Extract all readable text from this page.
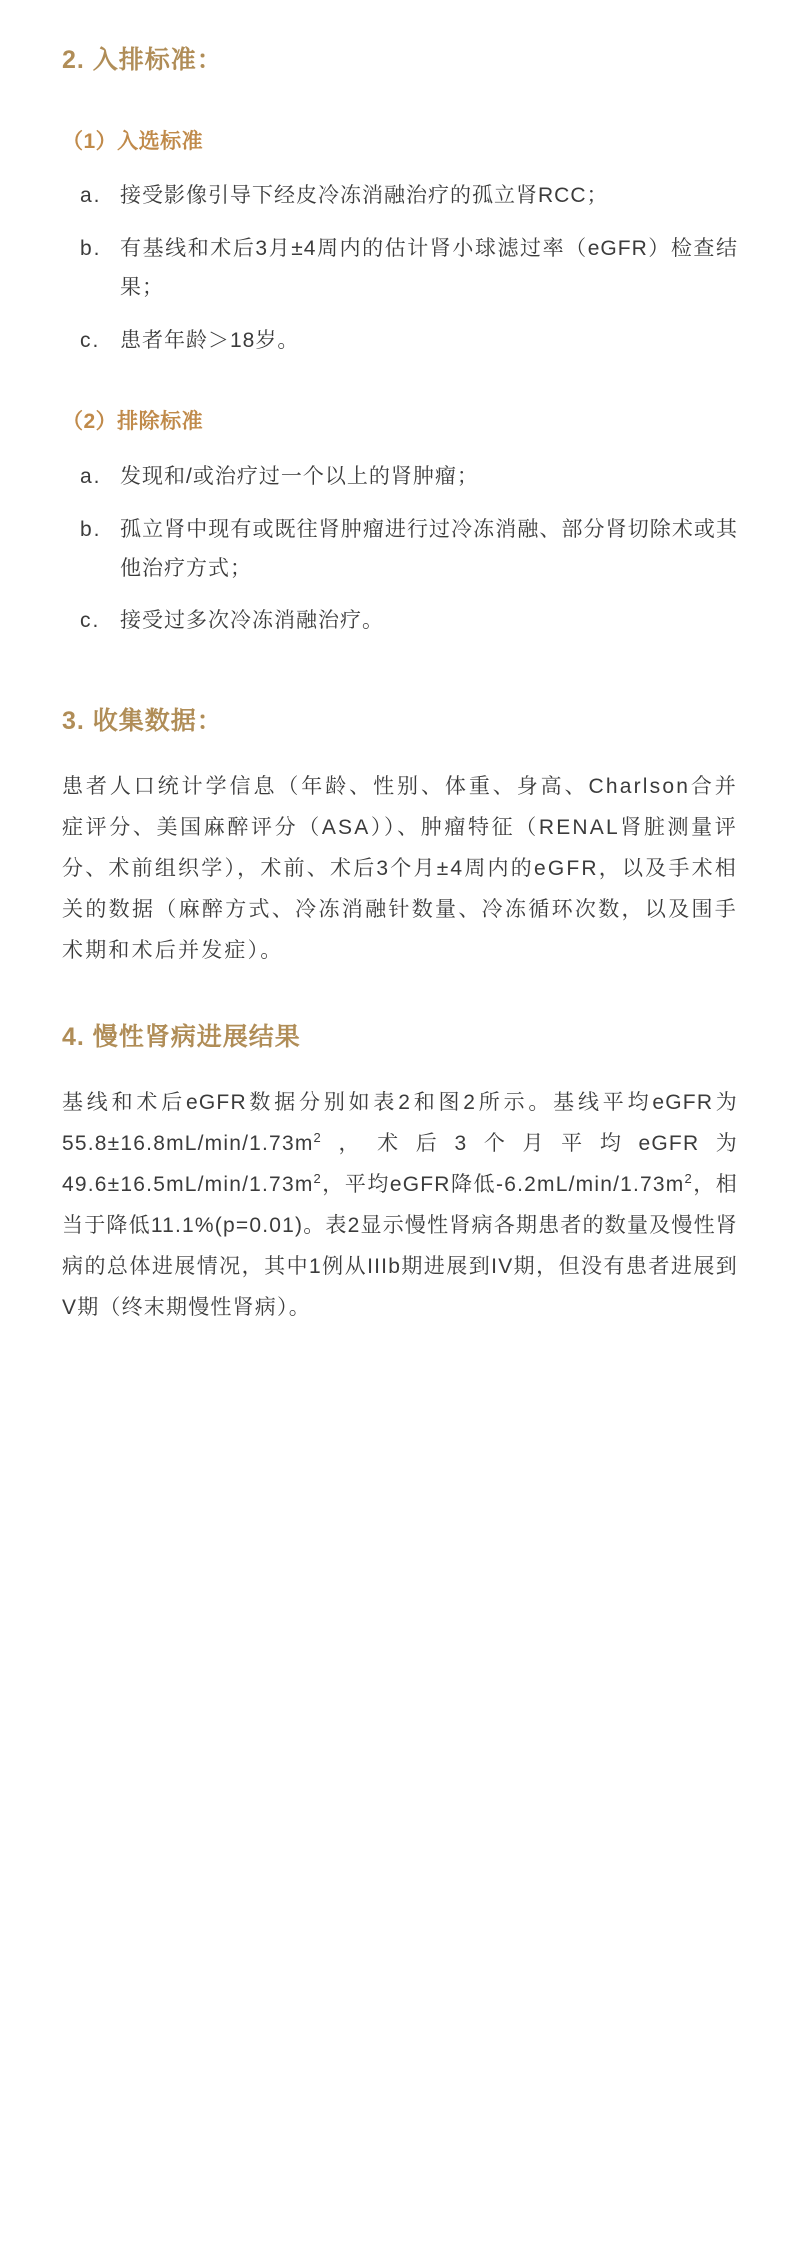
2. 入排标准：
（1）入选标准
a. 接受影像引导下经皮冷冻消融治疗的孤立肾RCC；
b. 有基线和术后3月±4周内的估计肾小球滤过率（eGFR）检查结果；
c. 患者年龄＞18岁。
（2）排除标准
a. 发现和/或治疗过一个以上的肾肿瘤；
b. 孤立肾中现有或既往肾肿瘤进行过冷冻消融、部分肾切除术或其他治疗方式；
c. 接受过多次冷冻消融治疗。
3. 收集数据：

患者人口统计学信息（年龄、性别、体重、身高、Charlson合并症评分、美国麻醉评分（ASA））、肿瘤特征（RENAL肾脏测量评分、术前组织学），术前、术后3个月±4周内的eGFR，以及手术相关的数据（麻醉方式、冷冻消融针数量、冷冻循环次数，以及围手术期和术后并发症）。

4. 慢性肾病进展结果

基线和术后eGFR数据分别如表2和图2所示。基线平均eGFR为$55.8\pm 16.8mL/\min/1.73m^2$，术后3个月平均eGFR为$49.6\pm 16.5mL/\min/1.73m^2$，平均eGFR降低$-6.2mL/\min/1.73m^2$，相当于降低11.1%(p=0.01)。表2显示慢性肾病各期患者的数量及慢性肾病的总体进展情况，其中1例从IIIb期进展到IV期，但没有患者进展到V期（终末期慢性肾病）。
